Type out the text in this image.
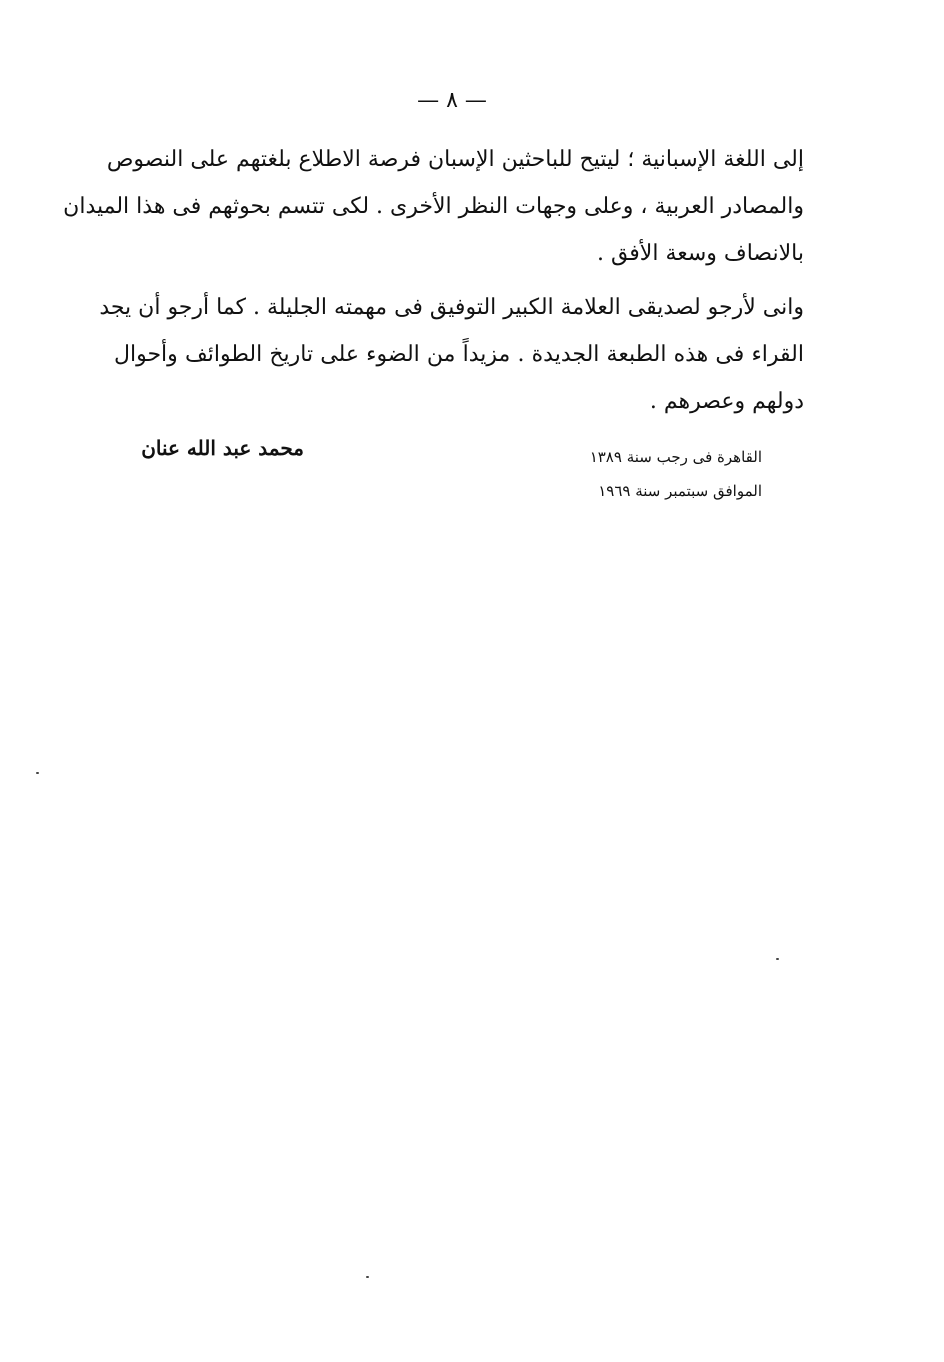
— ٨ —
إلى اللغة الإسبانية ؛ ليتيح للباحثين الإسبان فرصة الاطلاع بلغتهم على النصوص
والمصادر العربية ، وعلى وجهات النظر الأخرى . لكى تتسم بحوثهم فى هذا الميدان
بالانصاف وسعة الأفق .
وانى لأرجو لصديقى العلامة الكبير التوفيق فى مهمته الجليلة . كما أرجو أن يجد
القراء فى هذه الطبعة الجديدة . مزيداً من الضوء على تاريخ الطوائف وأحوال
دولهم وعصرهم .
القاهرة فى رجب سنة ١٣٨٩
الموافق سبتمبر سنة ١٩٦٩
محمد عبد الله عنان
